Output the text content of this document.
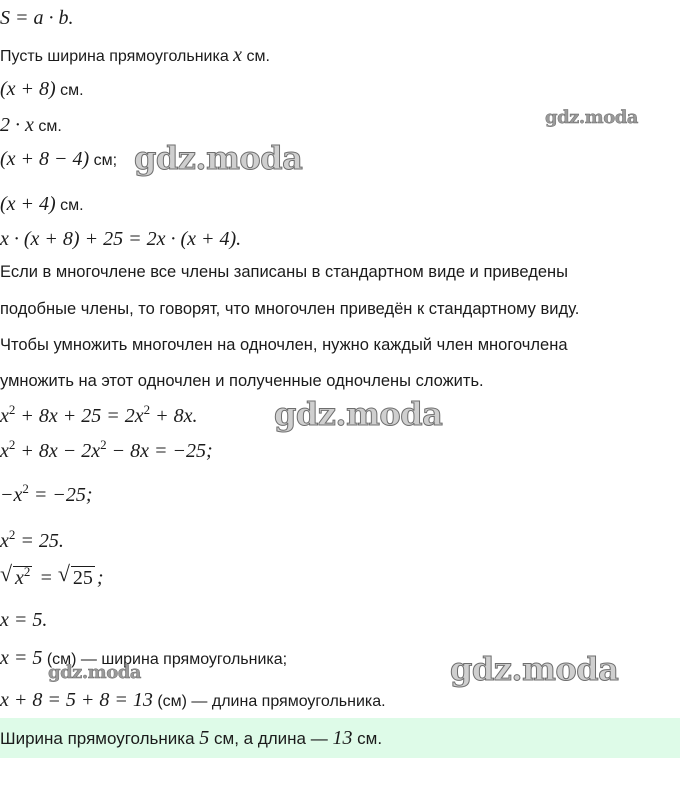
S = a · b.
Пусть ширина прямоугольника x см.
(x + 8) см.
2 · x см.
(x + 8 − 4) см;
(x + 4) см.
x · (x + 8) + 25 = 2x · (x + 4).
Если в многочлене все члены записаны в стандартном виде и приведены
подобные члены, то говорят, что многочлен приведён к стандартному виду.
Чтобы умножить многочлен на одночлен, нужно каждый член многочлена
умножить на этот одночлен и полученные одночлены сложить.
$x^2 + 8x + 25 = 2x^2 + 8x$.
$x^2 + 8x - 2x^2 - 8x = -25$;
$-x^2 = -25$;
$x^2 = 25$.
√ $x^2$ = √ 25 ;
x = 5.
x = 5 (см) — ширина прямоугольника;
x + 8 = 5 + 8 = 13 (см) — длина прямоугольника.
Ширина прямоугольника 5 см, а длина — 13 см.
gdz.moda
gdz.moda
gdz.moda
gdz.moda	gdz.moda
